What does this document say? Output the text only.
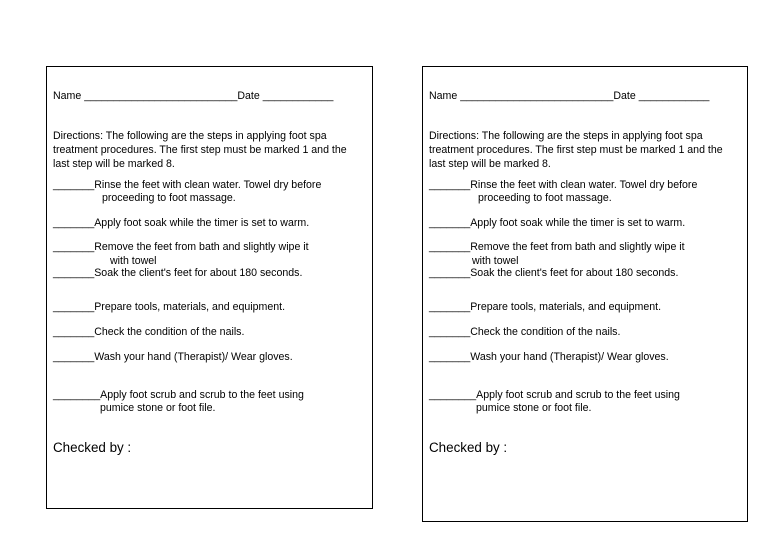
Name __________________________Date ____________
Directions: The following are the steps in applying foot spa
treatment procedures. The first step must be marked 1 and the
last step will be marked 8.
_______Rinse the feet with clean water. Towel dry before
proceeding to foot massage.
_______Apply foot soak while the timer is set to warm.
_______Remove the feet from bath and slightly wipe it
with towel
_______Soak the client's feet for about 180 seconds.
_______Prepare tools, materials, and equipment.
_______Check the condition of the nails.
_______Wash your hand (Therapist)/ Wear gloves.
________Apply foot scrub and scrub to the feet using
pumice stone or foot file.
Checked by :
Name __________________________Date ____________
Directions: The following are the steps in applying foot spa
treatment procedures. The first step must be marked 1 and the
last step will be marked 8.
_______Rinse the feet with clean water. Towel dry before
proceeding to foot massage.
_______Apply foot soak while the timer is set to warm.
_______Remove the feet from bath and slightly wipe it
with towel
_______Soak the client's feet for about 180 seconds.
_______Prepare tools, materials, and equipment.
_______Check the condition of the nails.
_______Wash your hand (Therapist)/ Wear gloves.
________Apply foot scrub and scrub to the feet using
pumice stone or foot file.
Checked by :
